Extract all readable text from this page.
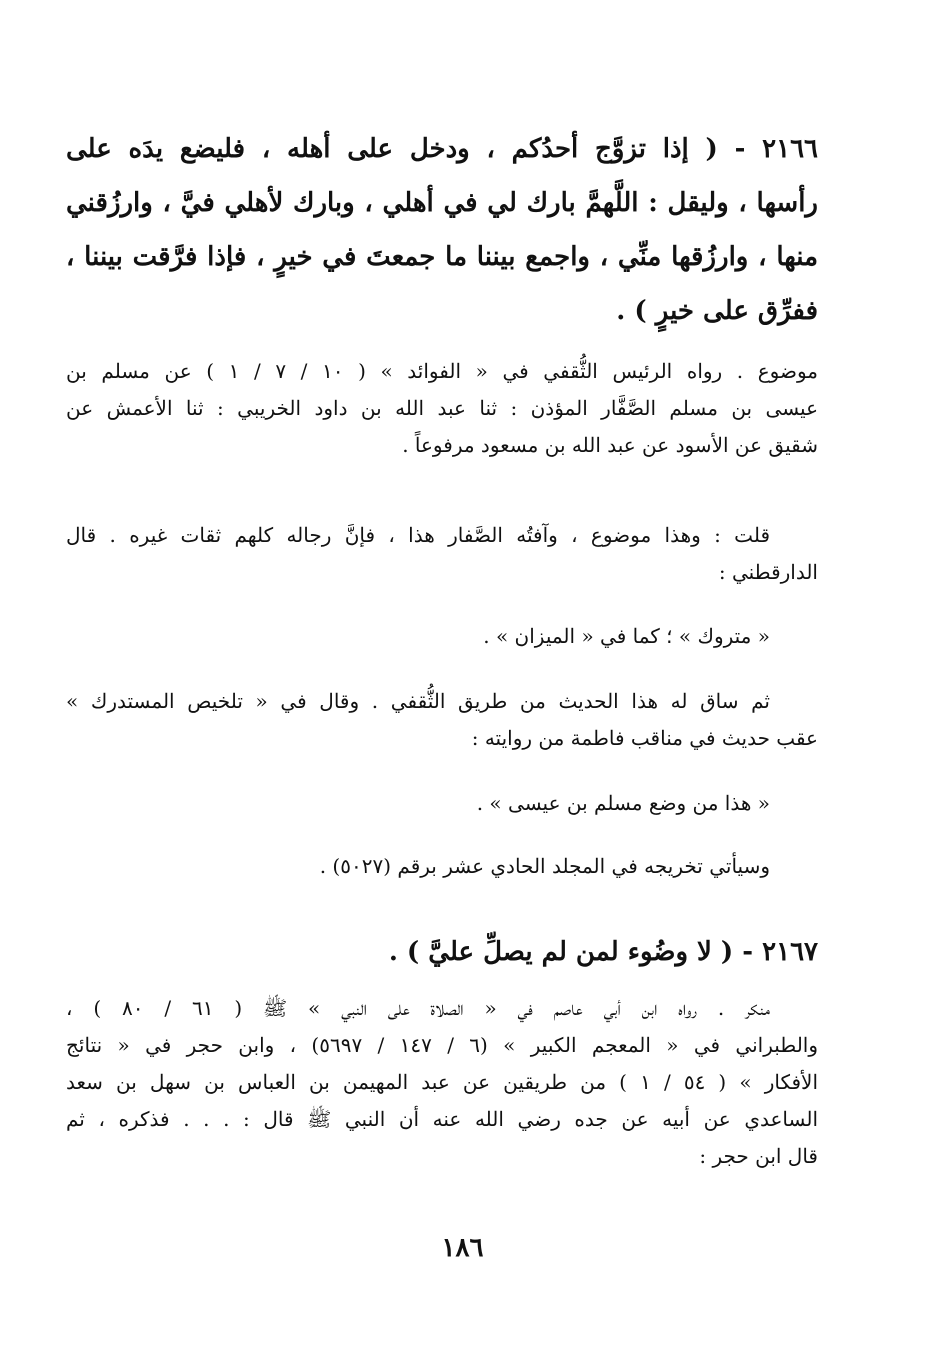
٢١٦٦ - ( إذا تزوَّج أحدُكم ، ودخل على أهله ، فليضع يدَه على
رأسها ، وليقل : اللَّهمَّ بارك لي في أهلي ، وبارك لأهلي فيَّ ، وارزُقني
منها ، وارزُقها منِّي ، واجمع بيننا ما جمعتَ في خيرٍ ، فإذا فرَّقت بيننا ،
ففرِّق على خيرٍ ) .
موضوع . رواه الرئيس الثُّقفي في « الفوائد » ( ١٠ / ٧ / ١ ) عن مسلم بن
عيسى بن مسلم الصَّفَّار المؤذن : ثنا عبد الله بن داود الخريبي : ثنا الأعمش عن
شقيق عن الأسود عن عبد الله بن مسعود مرفوعاً .
قلت : وهذا موضوع ، وآفتُه الصَّفار هذا ، فإنَّ رجاله كلهم ثقات غيره . قال
الدارقطني :
« متروك » ؛ كما في « الميزان » .
ثم ساق له هذا الحديث من طريق الثُّقفي . وقال في « تلخيص المستدرك »
عقب حديث في مناقب فاطمة من روايته :
« هذا من وضع مسلم بن عيسى » .
وسيأتي تخريجه في المجلد الحادي عشر برقم (٥٠٢٧) .
٢١٦٧ - ( لا وضُوء لمن لم يصلِّ عليَّ ) .
منكر . رواه ابن أبي عاصم في « الصلاة على النبي » ﷺ ( ٦١ / ٨٠ ) ،
والطبراني في « المعجم الكبير » (٦ / ١٤٧ / ٥٦٩٧) ، وابن حجر في « نتائج
الأفكار » ( ٥٤ / ١ ) من طريقين عن عبد المهيمن بن العباس بن سهل بن سعد
الساعدي عن أبيه عن جده رضي الله عنه أن النبي ﷺ قال : . . . فذكره ، ثم
قال ابن حجر :
١٨٦
